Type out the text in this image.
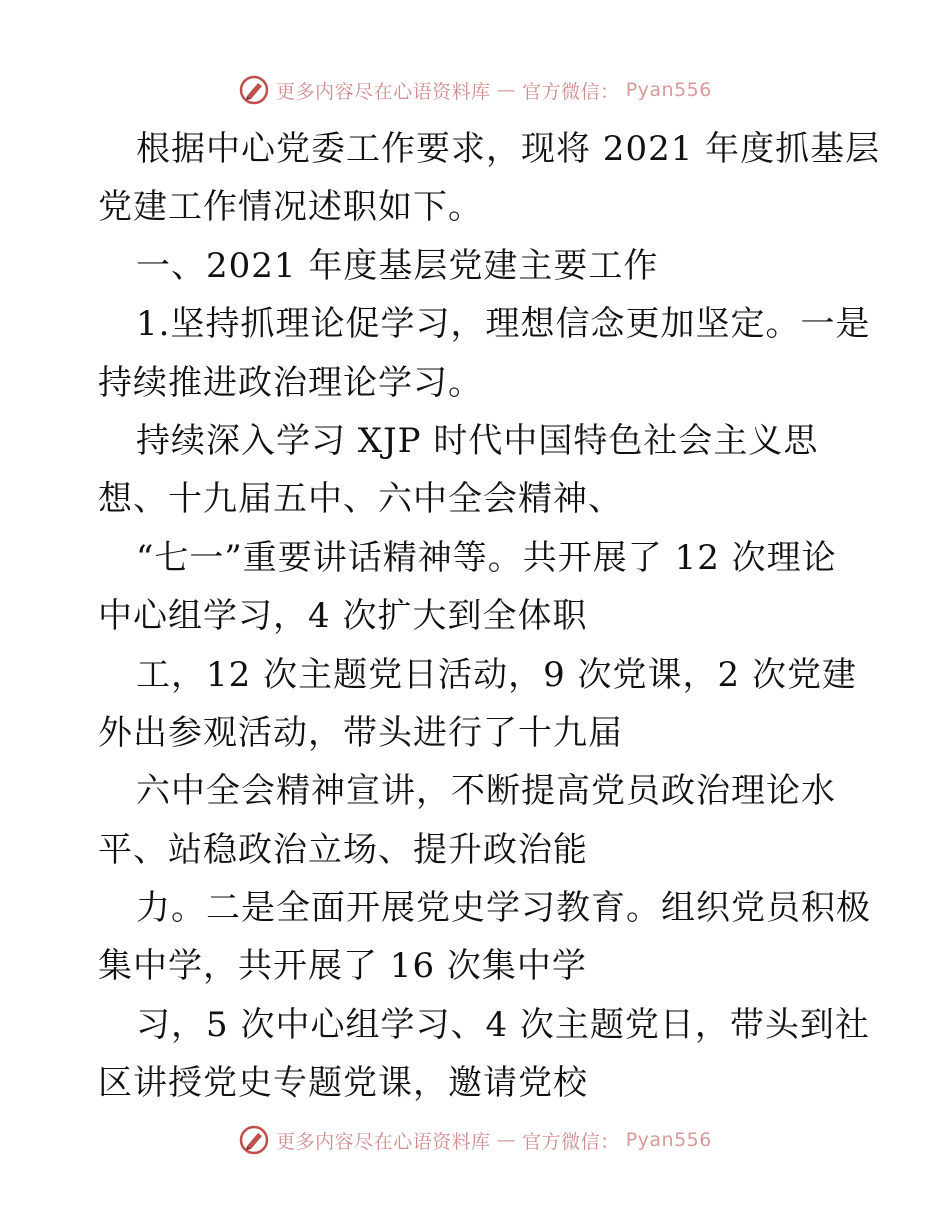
更多内容尽在心语资料库 — 官方微信： Pyan556
根据中心党委工作要求，现将 2021 年度抓基层
党建工作情况述职如下。
一、2021 年度基层党建主要工作
1.坚持抓理论促学习，理想信念更加坚定。一是
持续推进政治理论学习。
持续深入学习 XJP 时代中国特色社会主义思
想、十九届五中、六中全会精神、
“七一”重要讲话精神等。共开展了 12 次理论
中心组学习，4 次扩大到全体职
工，12 次主题党日活动，9 次党课，2 次党建
外出参观活动，带头进行了十九届
六中全会精神宣讲，不断提高党员政治理论水
平、站稳政治立场、提升政治能
力。二是全面开展党史学习教育。组织党员积极
集中学，共开展了 16 次集中学
习，5 次中心组学习、4 次主题党日，带头到社
区讲授党史专题党课，邀请党校
更多内容尽在心语资料库 — 官方微信： Pyan556
